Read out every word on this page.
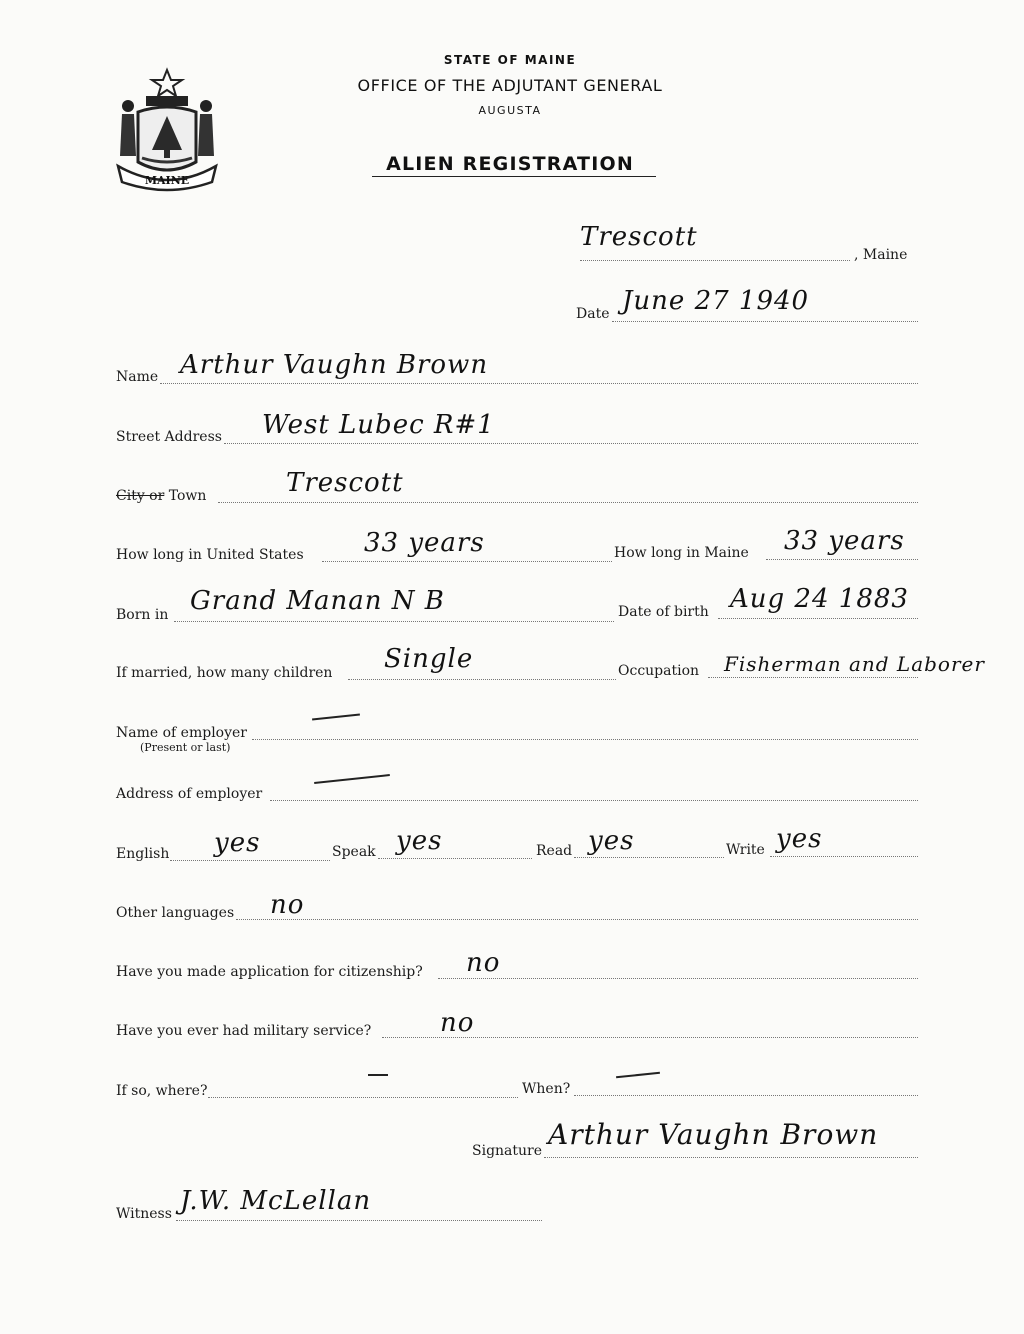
MAINE
STATE OF MAINE
OFFICE OF THE ADJUTANT GENERAL
AUGUSTA
ALIEN REGISTRATION
Trescott
, Maine
Date June 27 1940
Name Arthur Vaughn Brown
Street Address West Lubec R#1
City or Town	Trescott
How long in United States 33 years	How long in Maine 33 years
Born in Grand Manan N B	Date of birth Aug 24 1883
If married, how many children Single	Occupation Fisherman and Laborer
Name of employer
(Present or last)
Address of employer
English yes	Speak yes	Read yes	Write yes
Other languages no
Have you made application for citizenship? no
Have you ever had military service?	no
If so, where?	When?
Signature Arthur Vaughn Brown
Witness J.W. McLellan
